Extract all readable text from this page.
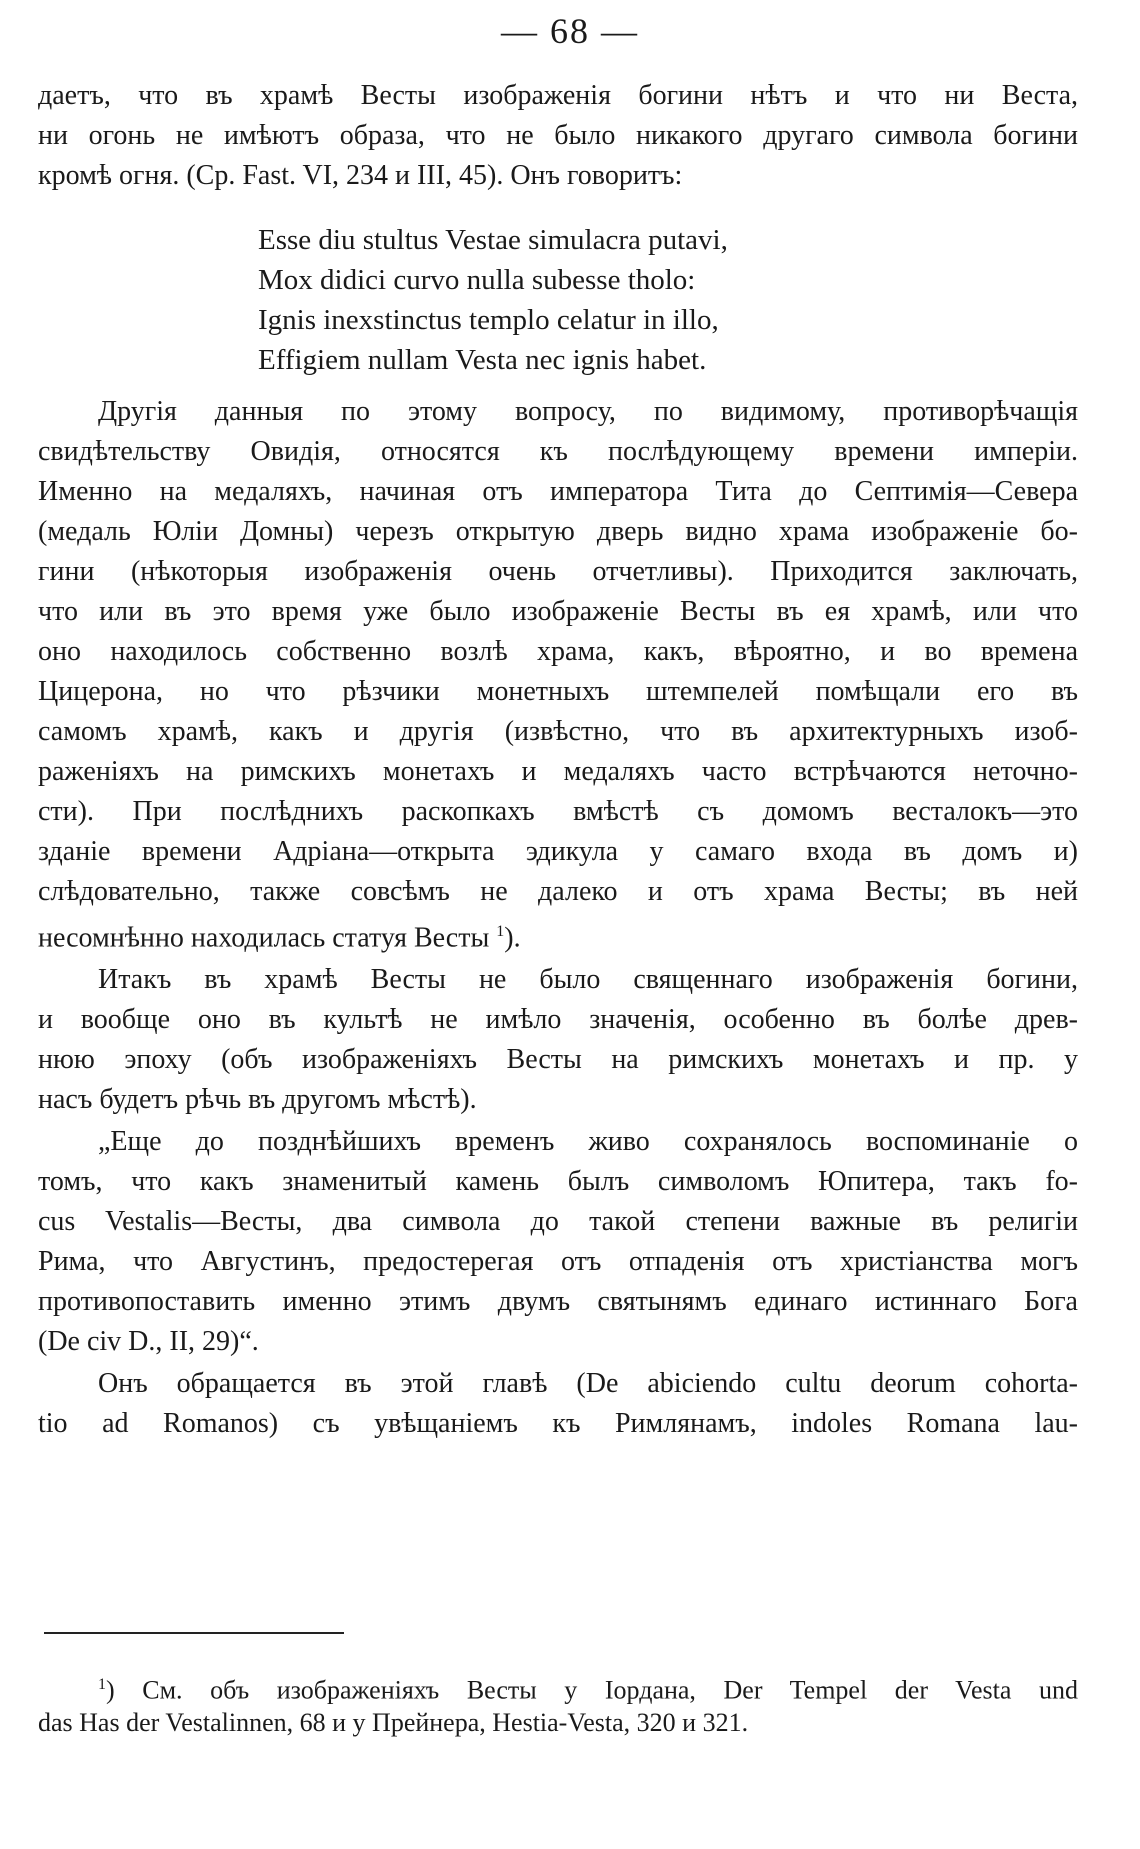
— 68 —
даетъ, что въ храмѣ Весты изображенія богини нѣтъ и что ни Веста,
ни огонь не имѣютъ образа, что не было никакого другаго символа богини
кромѣ огня. (Ср. Fast. VI, 234 и III, 45). Онъ говоритъ:
Esse diu stultus Vestae simulacra putavi,
Mox didici curvo nulla subesse tholo:
Ignis inexstinctus templo celatur in illo,
Effigiem nullam Vesta nec ignis habet.
Другія данныя по этому вопросу, по видимому, противорѣчащія
свидѣтельству Овидія, относятся къ послѣдующему времени имперіи.
Именно на медаляхъ, начиная отъ императора Тита до Септимія—Севера
(медаль Юліи Домны) черезъ открытую дверь видно храма изображеніе бо-
гини (нѣкоторыя изображенія очень отчетливы). Приходится заключать,
что или въ это время уже было изображеніе Весты въ ея храмѣ, или что
оно находилось собственно возлѣ храма, какъ, вѣроятно, и во времена
Цицерона, но что рѣзчики монетныхъ штемпелей помѣщали его въ
самомъ храмѣ, какъ и другія (извѣстно, что въ архитектурныхъ изоб-
раженіяхъ на римскихъ монетахъ и медаляхъ часто встрѣчаются неточно-
сти). При послѣднихъ раскопкахъ вмѣстѣ съ домомъ весталокъ—это
зданіе времени Адріана—открыта эдикула у самаго входа въ домъ и)
слѣдовательно, также совсѣмъ не далеко и отъ храма Весты; въ ней
несомнѣнно находилась статуя Весты $^1$).
Итакъ въ храмѣ Весты не было священнаго изображенія богини,
и вообще оно въ культѣ не имѣло значенія, особенно въ болѣе древ-
нюю эпоху (объ изображеніяхъ Весты на римскихъ монетахъ и пр. у
насъ будетъ рѣчь въ другомъ мѣстѣ).
„Еще до позднѣйшихъ временъ живо сохранялось воспоминаніе о
томъ, что какъ знаменитый камень былъ символомъ Юпитера, такъ fo-
cus Vestalis—Весты, два символа до такой степени важные въ религіи
Рима, что Августинъ, предостерегая отъ отпаденія отъ христіанства могъ
противопоставить именно этимъ двумъ святынямъ единаго истиннаго Бога
(De civ D., II, 29)“.
Онъ обращается въ этой главѣ (De abiciendo cultu deorum cohorta-
tio ad Romanos) съ увѣщаніемъ къ Римлянамъ, indoles Romana lau-
$^1$) См. объ изображеніяхъ Весты у Іордана, Der Tempel der Vesta und
das Has der Vestalinnen, 68 и у Прейнера, Hestia-Vesta, 320 и 321.
